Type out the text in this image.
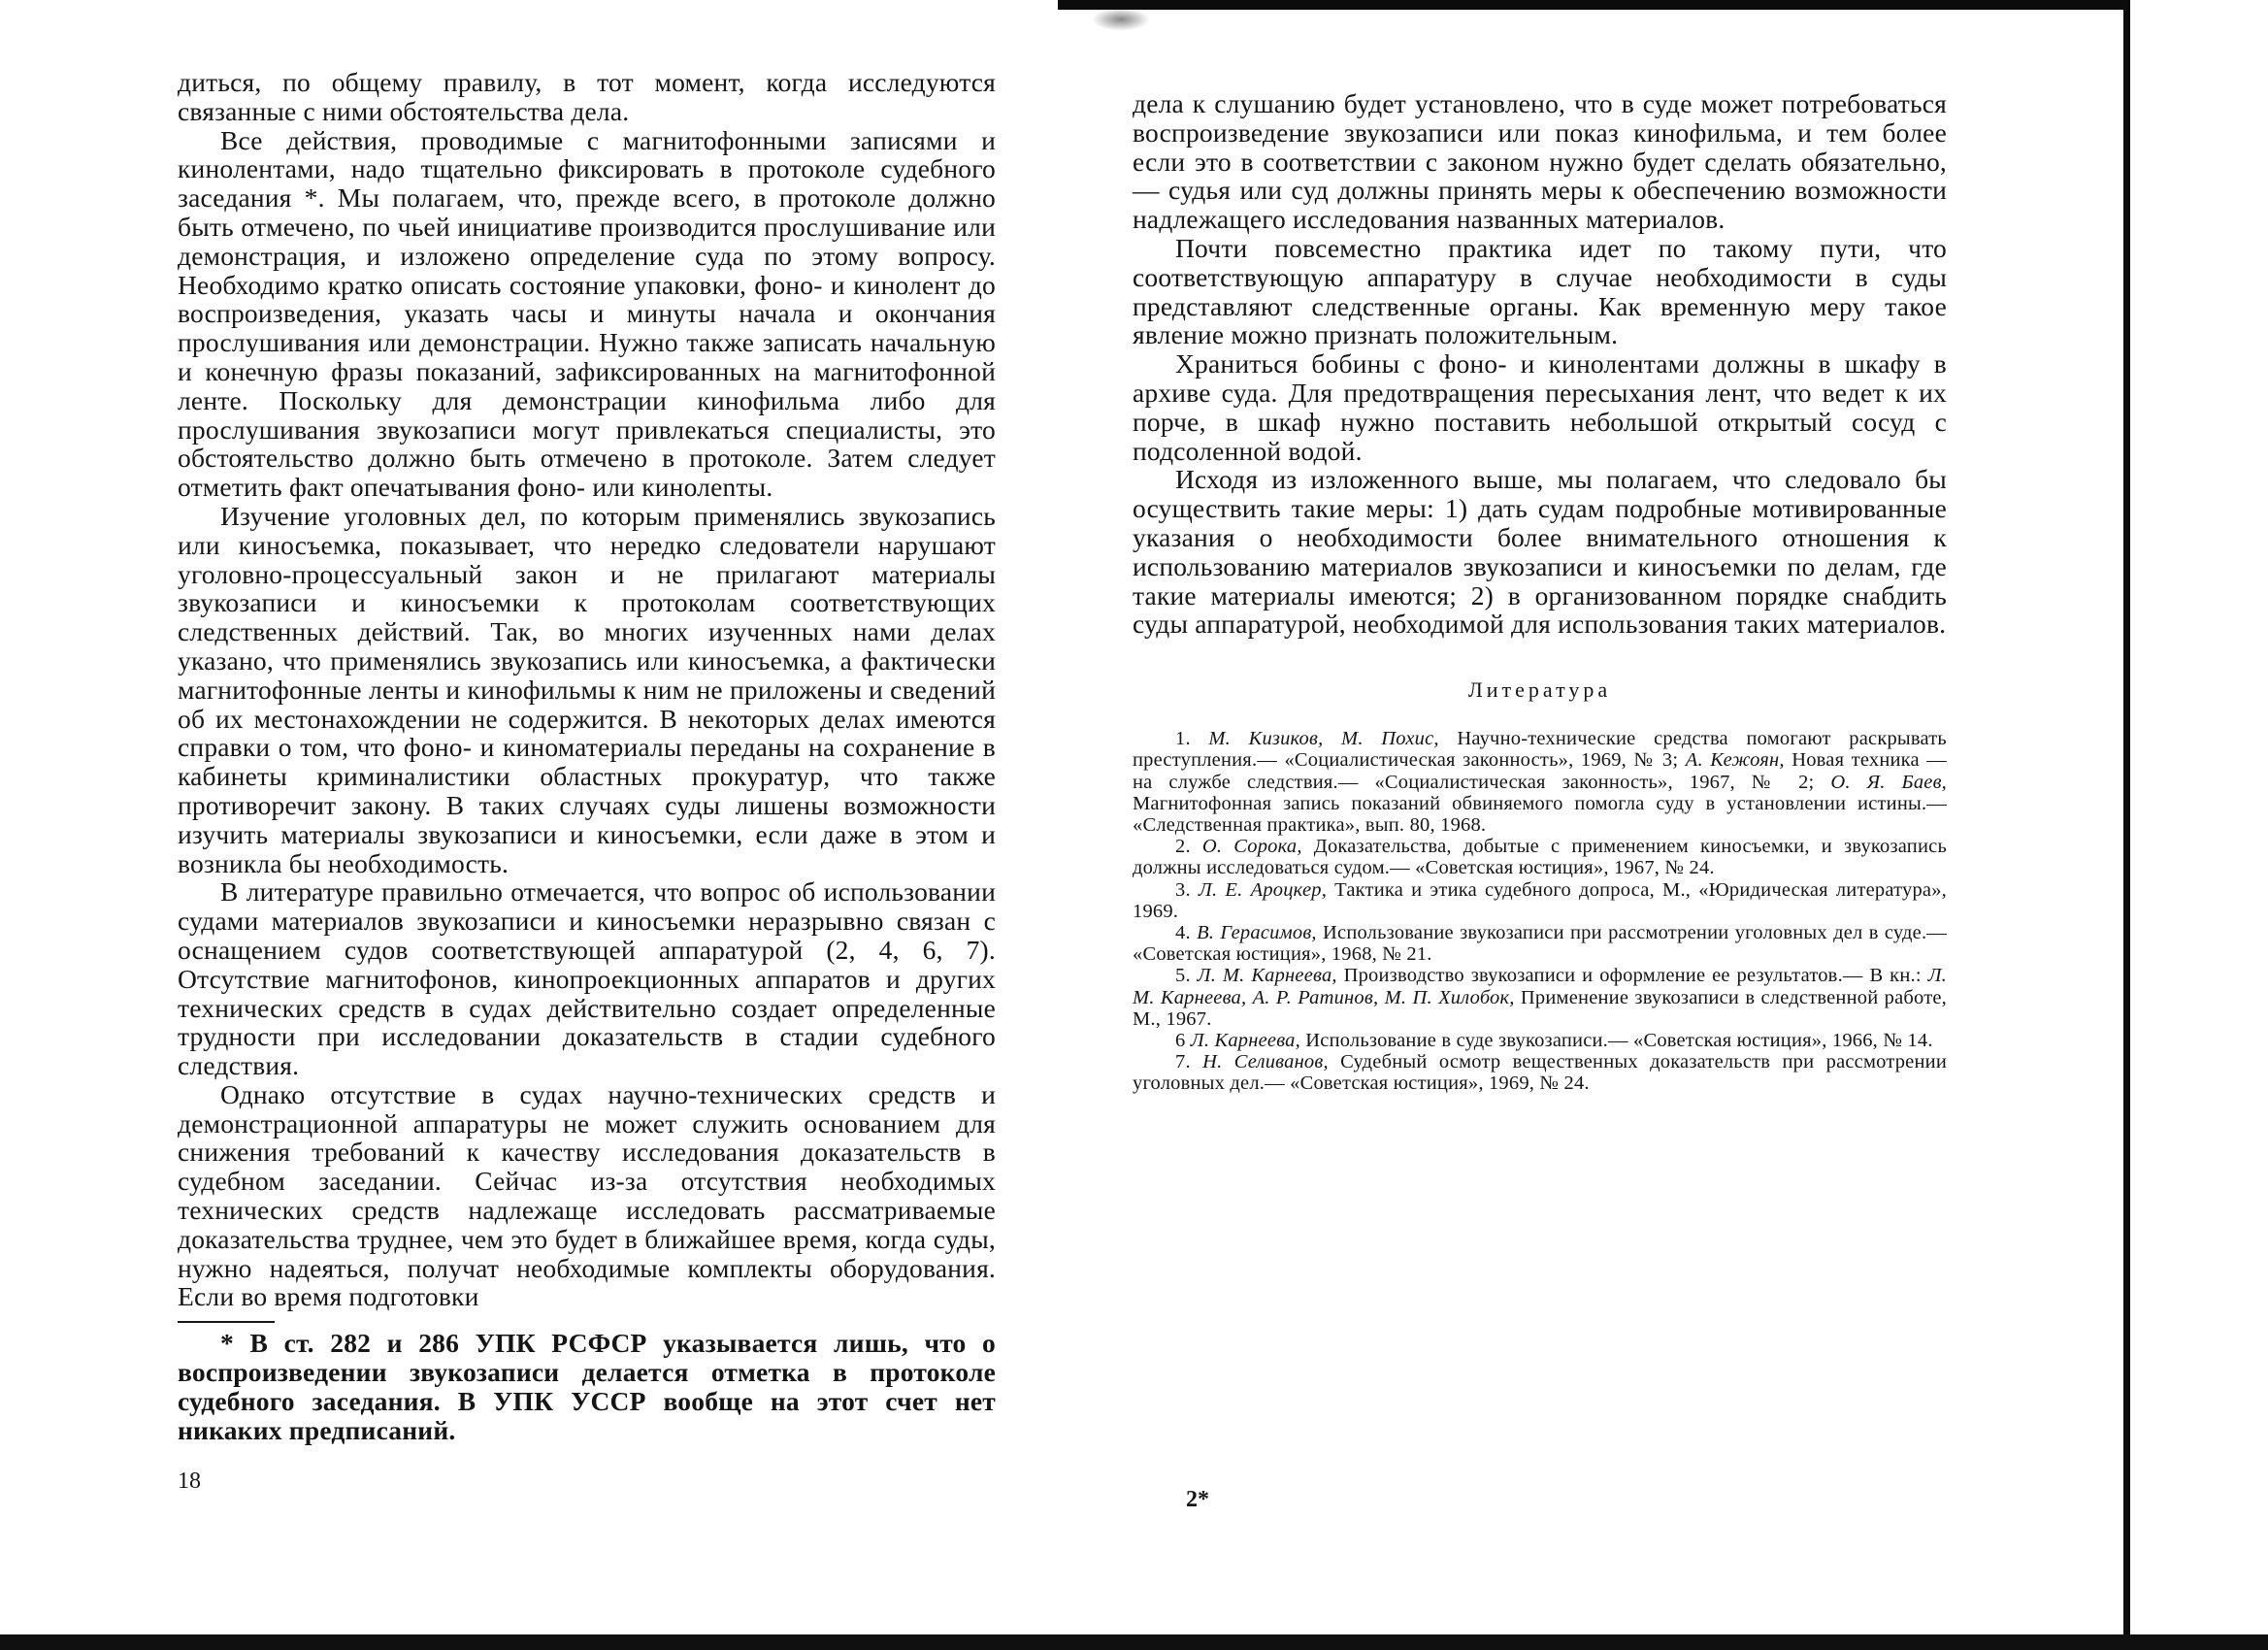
диться, по общему правилу, в тот момент, когда исследуются связанные с ними обстоятельства дела.

Все действия, проводимые с магнитофонными записями и кинолентами, надо тщательно фиксировать в протоколе судебного заседания *. Мы полагаем, что, прежде всего, в протоколе должно быть отмечено, по чьей инициативе производится прослушивание или демонстрация, и изложено определение суда по этому вопросу. Необходимо кратко описать состояние упаковки, фоно- и кинолент до воспроизведения, указать часы и минуты начала и окончания прослушивания или демонстрации. Нужно также записать начальную и конечную фразы показаний, зафиксированных на магнитофонной ленте. Поскольку для демонстрации кинофильма либо для прослушивания звукозаписи могут привлекаться специалисты, это обстоятельство должно быть отмечено в протоколе. Затем следует отметить факт опечатывания фоно- или кинолenты.

Изучение уголовных дел, по которым применялись звукозапись или киносъемка, показывает, что нередко следователи нарушают уголовно-процессуальный закон и не прилагают материалы звукозаписи и киносъемки к протоколам соответствующих следственных действий. Так, во многих изученных нами делах указано, что применялись звукозапись или киносъемка, а фактически магнитофонные ленты и кинофильмы к ним не приложены и сведений об их местонахождении не содержится. В некоторых делах имеются справки о том, что фоно- и киноматериалы переданы на сохранение в кабинеты криминалистики областных прокуратур, что также противоречит закону. В таких случаях суды лишены возможности изучить материалы звукозаписи и киносъемки, если даже в этом и возникла бы необходимость.

В литературе правильно отмечается, что вопрос об использовании судами материалов звукозаписи и киносъемки неразрывно связан с оснащением судов соответствующей аппаратурой (2, 4, 6, 7). Отсутствие магнитофонов, кинопроекционных аппаратов и других технических средств в судах действительно создает определенные трудности при исследовании доказательств в стадии судебного следствия.

Однако отсутствие в судах научно-технических средств и демонстрационной аппаратуры не может служить основанием для снижения требований к качеству исследования доказательств в судебном заседании. Сейчас из-за отсутствия необходимых технических средств надлежаще исследовать рассматриваемые доказательства труднее, чем это будет в ближайшее время, когда суды, нужно надеяться, получат необходимые комплекты оборудования. Если во время подготовки

* В ст. 282 и 286 УПК РСФСР указывается лишь, что о воспроизведении звукозаписи делается отметка в протоколе судебного заседания. В УПК УССР вообще на этот счет нет никаких предписаний.

18

дела к слушанию будет установлено, что в суде может потребоваться воспроизведение звукозаписи или показ кинофильма, и тем более если это в соответствии с законом нужно будет сделать обязательно,— судья или суд должны принять меры к обеспечению возможности надлежащего исследования названных материалов.

Почти повсеместно практика идет по такому пути, что соответствующую аппаратуру в случае необходимости в суды представляют следственные органы. Как временную меру такое явление можно признать положительным.

Храниться бобины с фоно- и кинолентами должны в шкафу в архиве суда. Для предотвращения пересыхания лент, что ведет к их порче, в шкаф нужно поставить небольшой открытый сосуд с подсоленной водой.

Исходя из изложенного выше, мы полагаем, что следовало бы осуществить такие меры: 1) дать судам подробные мотивированные указания о необходимости более внимательного отношения к использованию материалов звукозаписи и киносъемки по делам, где такие материалы имеются; 2) в организованном порядке снабдить суды аппаратурой, необходимой для использования таких материалов.

Литература

1. М. Кизиков, М. Похис, Научно-технические средства помогают раскрывать преступления.— «Социалистическая законность», 1969, № 3; А. Кежоян, Новая техника — на службе следствия.— «Социалистическая законность», 1967, № 2; О. Я. Баев, Магнитофонная запись показаний обвиняемого помогла суду в установлении истины.— «Следственная практика», вып. 80, 1968.

2. О. Сорока, Доказательства, добытые с применением киносъемки, и звукозапись должны исследоваться судом.— «Советская юстиция», 1967, № 24.

3. Л. Е. Ароцкер, Тактика и этика судебного допроса, М., «Юридическая литература», 1969.

4. В. Герасимов, Использование звукозаписи при рассмотрении уголовных дел в суде.— «Советская юстиция», 1968, № 21.

5. Л. М. Карнеева, Производство звукозаписи и оформление ее результатов.— В кн.: Л. М. Карнеева, А. Р. Ратинов, М. П. Хилобок, Применение звукозаписи в следственной работе, М., 1967.

6 Л. Карнеева, Использование в суде звукозаписи.— «Советская юстиция», 1966, № 14.

7. Н. Селиванов, Судебный осмотр вещественных доказательств при рассмотрении уголовных дел.— «Советская юстиция», 1969, № 24.

2*
